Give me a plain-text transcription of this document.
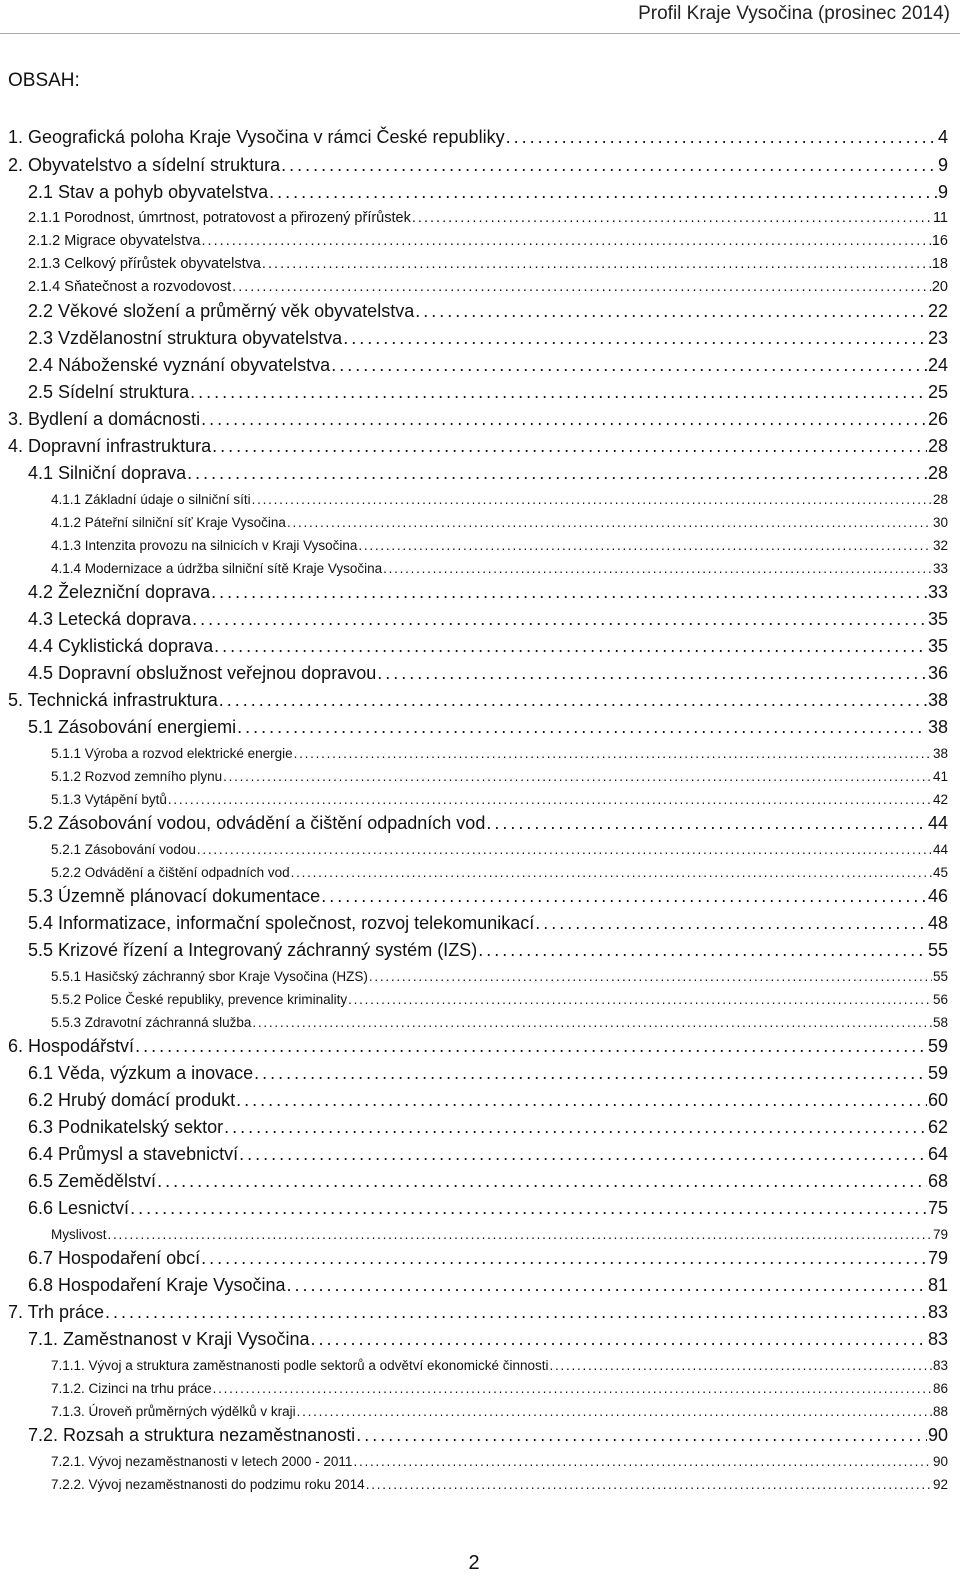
Profil Kraje Vysočina (prosinec 2014)
OBSAH:
1. Geografická poloha Kraje Vysočina v rámci České republiky . . .	4
2. Obyvatelstvo a sídelní struktura . . .	9
2.1 Stav a pohyb obyvatelstva . . .	9
2.1.1 Porodnost, úmrtnost, potratovost a přirozený přírůstek . . .	11
2.1.2 Migrace obyvatelstva . . .	16
2.1.3 Celkový přírůstek obyvatelstva . . .	18
2.1.4 Sňatečnost a rozvodovost . . .	20
2.2 Věkové složení a průměrný věk obyvatelstva . . .	22
2.3 Vzdělanostní struktura obyvatelstva . . .	23
2.4 Náboženské vyznání obyvatelstva . . .	24
2.5 Sídelní struktura . . .	25
3. Bydlení a domácnosti . . .	26
4. Dopravní infrastruktura . . .	28
4.1 Silniční doprava . . .	28
4.1.1 Základní údaje o silniční síti . . .	28
4.1.2 Páteřní silniční síť Kraje Vysočina . . .	30
4.1.3 Intenzita provozu na silnicích v Kraji Vysočina . . .	32
4.1.4 Modernizace a údržba silniční sítě Kraje Vysočina . . .	33
4.2 Železniční doprava . . .	33
4.3 Letecká doprava . . .	35
4.4 Cyklistická doprava . . .	35
4.5 Dopravní obslužnost veřejnou dopravou . . .	36
5. Technická infrastruktura . . .	38
5.1 Zásobování energiemi . . .	38
5.1.1 Výroba a rozvod elektrické energie . . .	38
5.1.2 Rozvod zemního plynu . . .	41
5.1.3 Vytápění bytů . . .	42
5.2 Zásobování vodou, odvádění a čištění odpadních vod . . .	44
5.2.1 Zásobování vodou . . .	44
5.2.2 Odvádění a čištění odpadních vod . . .	45
5.3 Územně plánovací dokumentace . . .	46
5.4 Informatizace, informační společnost, rozvoj telekomunikací . . .	48
5.5 Krizové řízení a Integrovaný záchranný systém (IZS) . . .	55
5.5.1 Hasičský záchranný sbor Kraje Vysočina (HZS) . . .	55
5.5.2 Police České republiky, prevence kriminality . . .	56
5.5.3 Zdravotní záchranná služba . . .	58
6. Hospodářství . . .	59
6.1 Věda, výzkum a inovace . . .	59
6.2 Hrubý domácí produkt . . .	60
6.3 Podnikatelský sektor . . .	62
6.4 Průmysl a stavebnictví . . .	64
6.5 Zemědělství . . .	68
6.6 Lesnictví . . .	75
Myslivost . . .	79
6.7 Hospodaření obcí . . .	79
6.8 Hospodaření Kraje Vysočina . . .	81
7. Trh práce . . .	83
7.1. Zaměstnanost v Kraji Vysočina . . .	83
7.1.1. Vývoj a struktura zaměstnanosti podle sektorů a odvětví ekonomické činnosti . . .	83
7.1.2. Cizinci na trhu práce . . .	86
7.1.3. Úroveň průměrných výdělků v kraji . . .	88
7.2. Rozsah a struktura nezaměstnanosti . . .	90
7.2.1. Vývoj nezaměstnanosti v letech 2000 - 2011 . . .	90
7.2.2. Vývoj nezaměstnanosti do podzimu roku 2014 . . .	92
2
